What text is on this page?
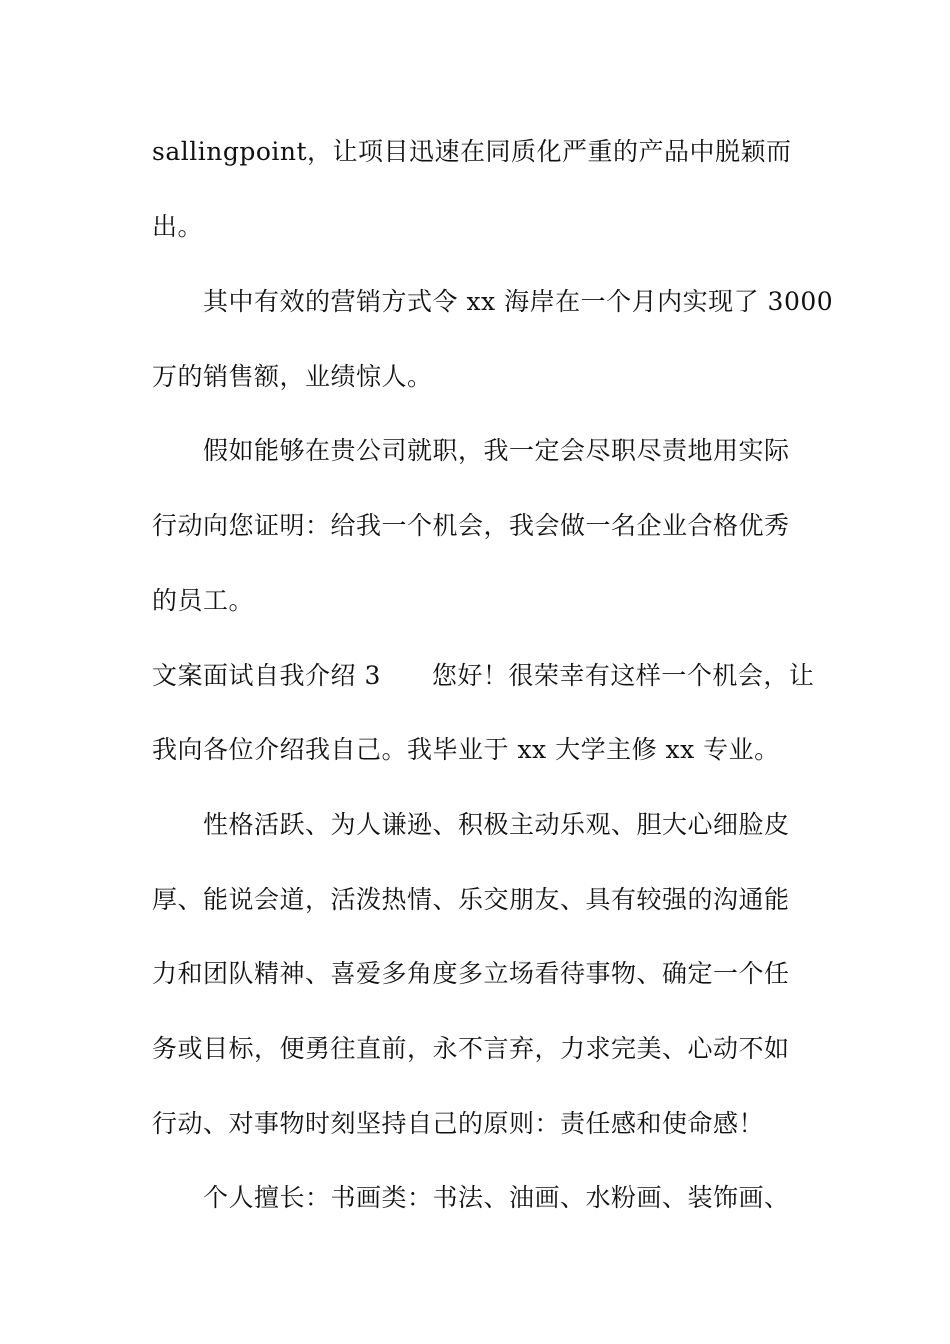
sallingpoint，让项目迅速在同质化严重的产品中脱颖而
出。
其中有效的营销方式令 xx 海岸在一个月内实现了 3000
万的销售额，业绩惊人。
假如能够在贵公司就职，我一定会尽职尽责地用实际
行动向您证明：给我一个机会，我会做一名企业合格优秀
的员工。
文案面试自我介绍 3　　您好！很荣幸有这样一个机会，让
我向各位介绍我自己。我毕业于 xx 大学主修 xx 专业。
性格活跃、为人谦逊、积极主动乐观、胆大心细脸皮
厚、能说会道，活泼热情、乐交朋友、具有较强的沟通能
力和团队精神、喜爱多角度多立场看待事物、确定一个任
务或目标，便勇往直前，永不言弃，力求完美、心动不如
行动、对事物时刻坚持自己的原则：责任感和使命感！
个人擅长：书画类：书法、油画、水粉画、装饰画、
